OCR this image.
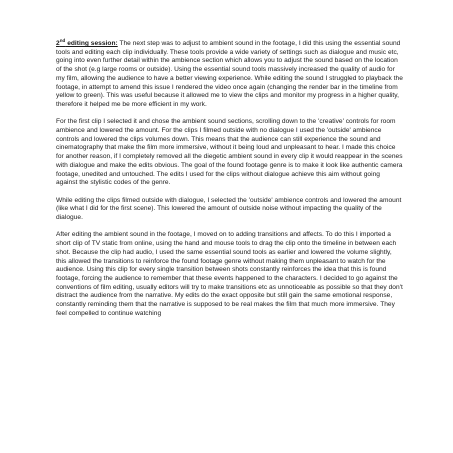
2nd editing session: The next step was to adjust to ambient sound in the footage, I did this using the essential sound tools and editing each clip individually. These tools provide a wide variety of settings such as dialogue and music etc, going into even further detail within the ambience section which allows you to adjust the sound based on the location of the shot (e.g large rooms or outside). Using the essential sound tools massively increased the quality of audio for my film, allowing the audience to have a better viewing experience. While editing the sound I struggled to playback the footage, in attempt to amend this issue I rendered the video once again (changing the render bar in the timeline from yellow to green). This was useful because it allowed me to view the clips and monitor my progress in a higher quality, therefore it helped me be more efficient in my work.

For the first clip I selected it and chose the ambient sound sections, scrolling down to the 'creative' controls for room ambience and lowered the amount. For the clips I filmed outside with no dialogue I used the 'outside' ambience controls and lowered the clips volumes down. This means that the audience can still experience the sound and cinematography that make the film more immersive, without it being loud and unpleasant to hear. I made this choice for another reason, if I completely removed all the diegetic ambient sound in every clip it would reappear in the scenes with dialogue and make the edits obvious. The goal of the found footage genre is to make it look like authentic camera footage, unedited and untouched. The edits I used for the clips without dialogue achieve this aim without going against the stylistic codes of the genre.

While editing the clips filmed outside with dialogue, I selected the 'outside' ambience controls and lowered the amount (like what I did for the first scene). This lowered the amount of outside noise without impacting the quality of the dialogue.

After editing the ambient sound in the footage, I moved on to adding transitions and affects. To do this I imported a short clip of TV static from online, using the hand and mouse tools to drag the clip onto the timeline in between each shot. Because the clip had audio, I used the same essential sound tools as earlier and lowered the volume slightly, this allowed the transitions to reinforce the found footage genre without making them unpleasant to watch for the audience. Using this clip for every single transition between shots constantly reinforces the idea that this is found footage, forcing the audience to remember that these events happened to the characters. I decided to go against the conventions of film editing, usually editors will try to make transitions etc as unnoticeable as possible so that they don't distract the audience from the narrative. My edits do the exact opposite but still gain the same emotional response, constantly reminding them that the narrative is supposed to be real makes the film that much more immersive. They feel compelled to continue watching
